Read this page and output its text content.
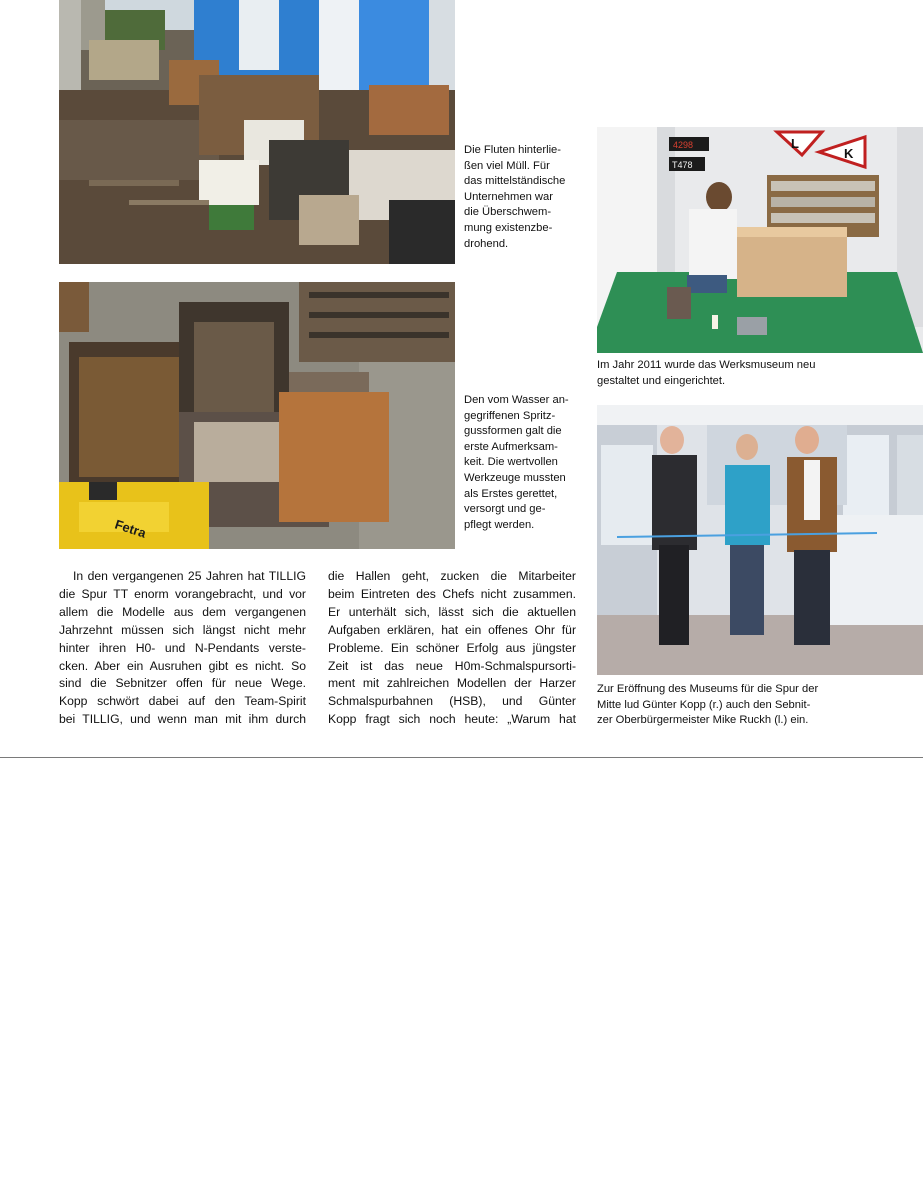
Die Fluten hinterlie-
ßen viel Müll. Für
das mittelständische
Unternehmen war
die Überschwem-
mung existenzbe-
drohend.

Fetra

Den vom Wasser an-
gegriffenen Spritz-
gussformen galt die
erste Aufmerksam-
keit. Die wertvollen
Werkzeuge mussten
als Erstes gerettet,
versorgt und ge-
pflegt werden.

4298
T478
L
K

Im Jahr 2011 wurde das Werksmuseum neu
gestaltet und eingerichtet.

Zur Eröffnung des Museums für die Spur der
Mitte lud Günter Kopp (r.) auch den Sebnit-
zer Oberbürgermeister Mike Ruckh (l.) ein.

In den vergangenen 25 Jahren hat TILLIG
die Spur TT enorm vorangebracht, und vor
allem die Modelle aus dem vergangenen
Jahrzehnt müssen sich längst nicht mehr
hinter ihren H0- und N-Pendants verste-
cken. Aber ein Ausruhen gibt es nicht. So
sind die Sebnitzer offen für neue Wege.
Kopp schwört dabei auf den Team-Spirit
bei TILLIG, und wenn man mit ihm durch
die Hallen geht, zucken die Mitarbeiter
beim Eintreten des Chefs nicht zusammen.
Er unterhält sich, lässt sich die aktuellen
Aufgaben erklären, hat ein offenes Ohr für
Probleme. Ein schöner Erfolg aus jüngster
Zeit ist das neue H0m-Schmalspursorti-
ment mit zahlreichen Modellen der Harzer
Schmalspurbahnen (HSB), und Günter
Kopp fragt sich noch heute: „Warum hat
